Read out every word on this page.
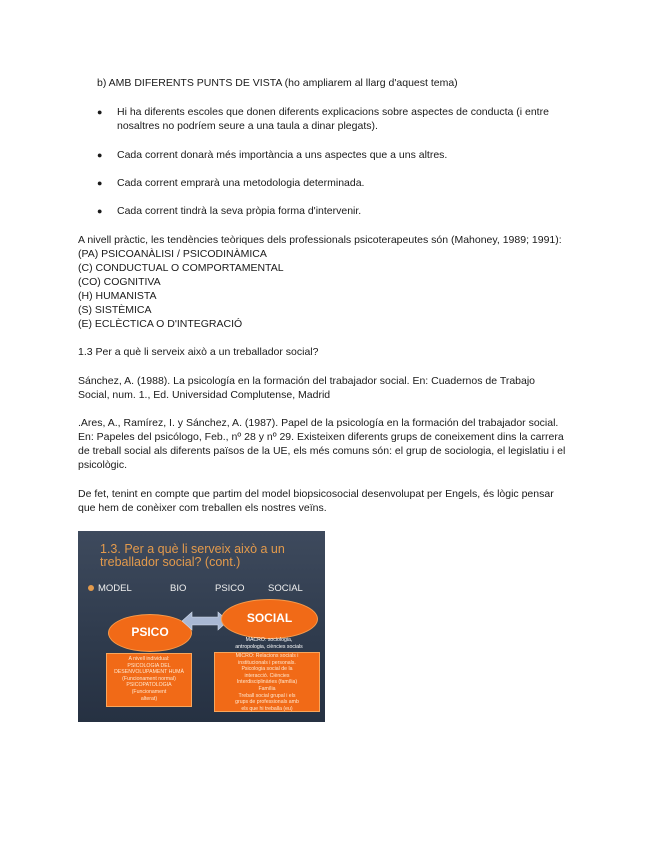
b) AMB DIFERENTS PUNTS DE VISTA (ho ampliarem al llarg d'aquest tema)
● Hi ha diferents escoles que donen diferents explicacions sobre aspectes de conducta (i entre
nosaltres no podríem seure a una taula a dinar plegats).
● Cada corrent donarà més importància a uns aspectes que a uns altres.
● Cada corrent emprarà una metodologia determinada.
● Cada corrent tindrà la seva pròpia forma d'intervenir.
A nivell pràctic, les tendències teòriques dels professionals psicoterapeutes són (Mahoney, 1989; 1991):
(PA) PSICOANÀLISI / PSICODINÀMICA
(C) CONDUCTUAL O COMPORTAMENTAL
(CO) COGNITIVA
(H) HUMANISTA
(S) SISTÈMICA
(E) ECLÈCTICA O D'INTEGRACIÓ
1.3 Per a què li serveix això a un treballador social?
Sánchez, A. (1988). La psicología en la formación del trabajador social. En: Cuadernos de Trabajo
Social, num. 1., Ed. Universidad Complutense, Madrid
.Ares, A., Ramírez, I. y Sánchez, A. (1987). Papel de la psicología en la formación del trabajador social.
En: Papeles del psicólogo, Feb., nº 28 y nº 29. Existeixen diferents grups de coneixement dins la carrera
de treball social als diferents països de la UE, els més comuns són: el grup de sociologia, el legislatiu i el
psicològic.
De fet, tenint en compte que partim del model biopsicosocial desenvolupat per Engels, és lògic pensar
que hem de conèixer com treballen els nostres veïns.
1.3. Per a què li serveix això a un treballador social? (cont.)
MODEL	BIO	PSICO SOCIAL
PSICO
SOCIAL
MACRO: sociologia,
antropologia, ciències socials
MICRO: Relacions socials i
institucionals i personals.
Psicologia social de la
interacció. Ciències
Interdisciplinàries (família)
Família
Treball social grupal i els
grups de professionals amb
els que hi treballa (eu)
A nivell individual:
PSICOLOGIA DEL
DESENVOLUPAMENT HUMÀ
(Funcionament normal)
PSICOPATOLOGIA
(Funcionament
alterat)
